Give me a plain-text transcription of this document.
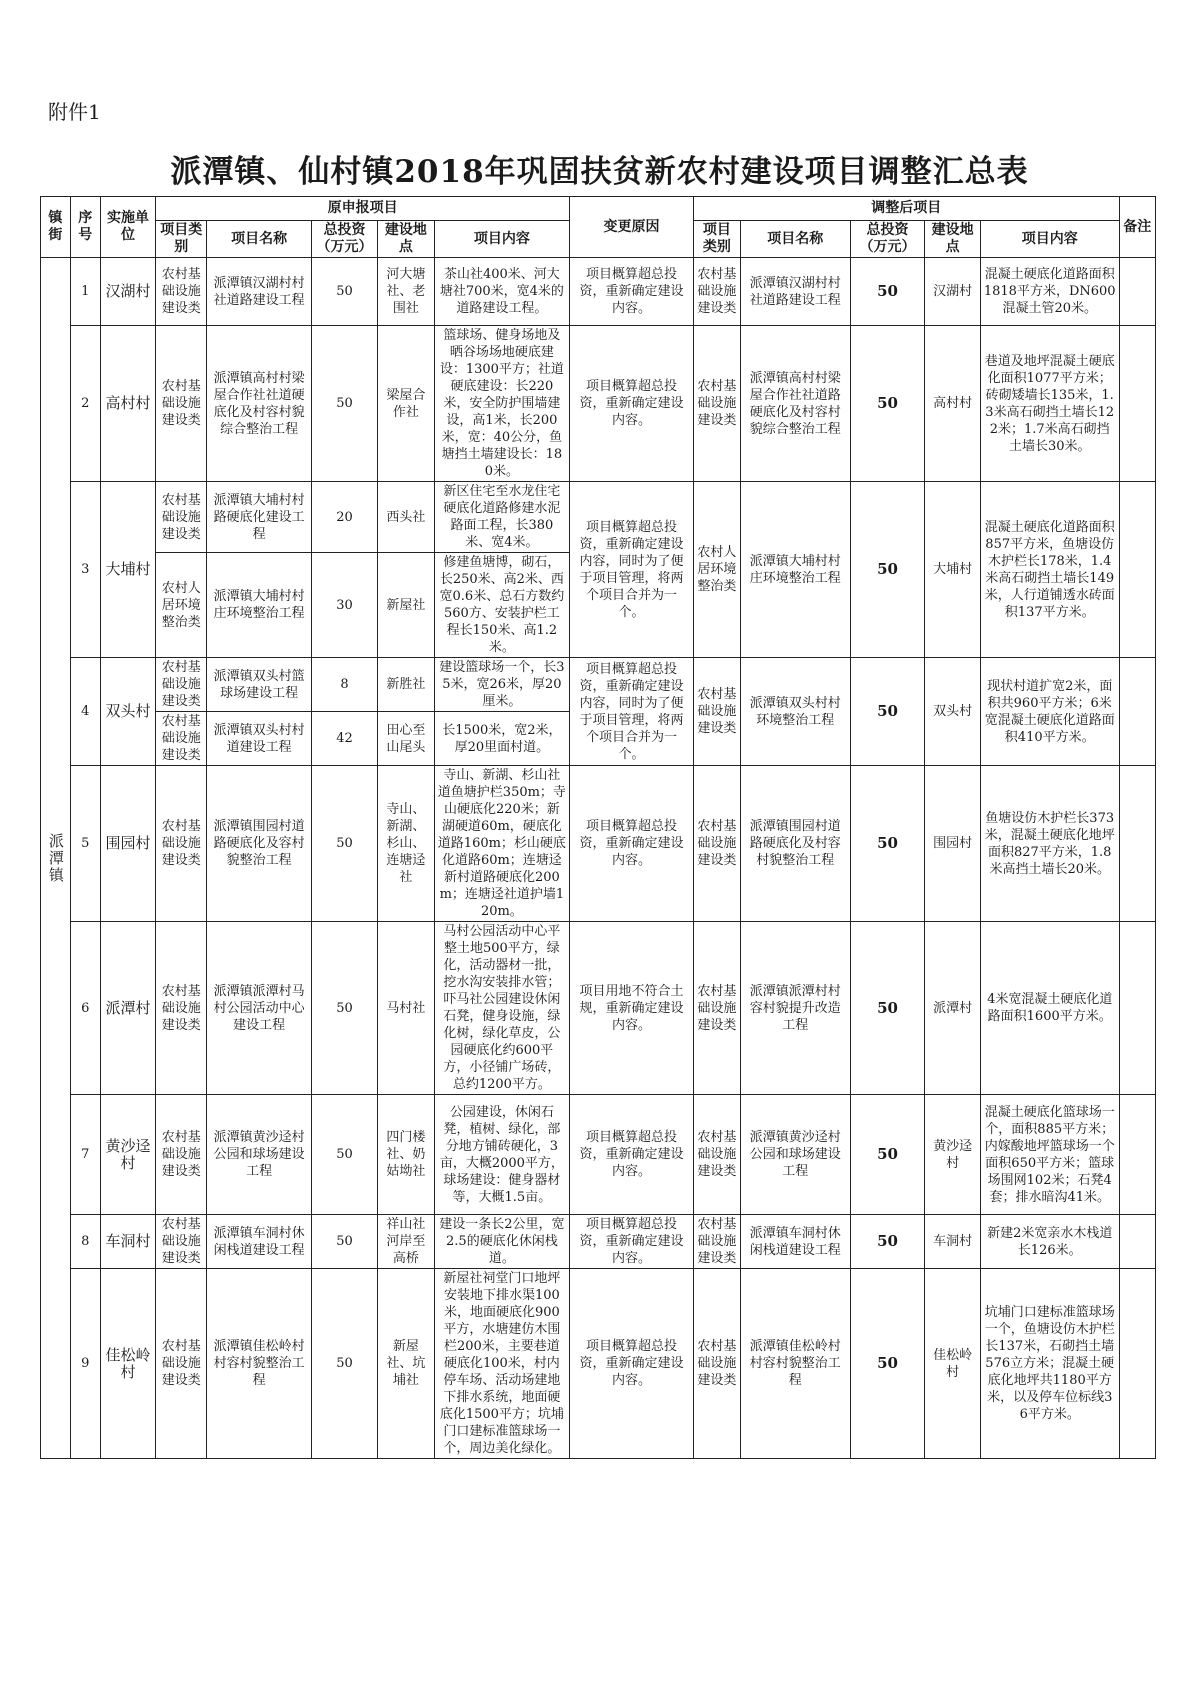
附件1
派潭镇、仙村镇2018年巩固扶贫新农村建设项目调整汇总表
镇街	序号	实施单位	原申报项目					变更原因	调整后项目					备注
			项目类别	项目名称	总投资（万元）	建设地点	项目内容		项目类别	项目名称	总投资（万元）	建设地点	项目内容	

派潭镇	1	汉湖村	农村基础设施建设类	派潭镇汉湖村村社道路建设工程	50	河大塘社、老围社	茶山社400米、河大塘社700米，宽4米的道路建设工程。	项目概算超总投资，重新确定建设内容。	农村基础设施建设类	派潭镇汉湖村村社道路建设工程	50	汉湖村	混凝土硬底化道路面积1818平方米，DN600混凝土管20米。	
	2	高村村	农村基础设施建设类	派潭镇高村村梁屋合作社社道硬底化及村容村貌综合整治工程	50	梁屋合作社	篮球场、健身场地及晒谷场场地硬底建设：1300平方；社道硬底建设：长220米，安全防护围墙建设，高1米，长200米，宽：40公分，鱼塘挡土墙建设长：180米。	项目概算超总投资，重新确定建设内容。	农村基础设施建设类	派潭镇高村村梁屋合作社社道路硬底化及村容村貌综合整治工程	50	高村村	巷道及地坪混凝土硬底化面积1077平方米；砖砌矮墙长135米，1.3米高石砌挡土墙长122米；1.7米高石砌挡土墙长30米。	
	3	大埔村	农村基础设施建设类	派潭镇大埔村村路硬底化建设工程	20	西头社	新区住宅至水龙住宅硬底化道路修建水泥路面工程，长380米、宽4米。	项目概算超总投资，重新确定建设内容，同时为了便于项目管理，将两个项目合并为一个。	农村人居环境整治类	派潭镇大埔村村庄环境整治工程	50	大埔村	混凝土硬底化道路面积857平方米，鱼塘设仿木护栏长178米，1.4米高石砌挡土墙长149米，人行道铺透水砖面积137平方米。	
			农村人居环境整治类	派潭镇大埔村村庄环境整治工程	30	新屋社	修建鱼塘博，砌石，长250米、高2米、西宽0.6米、总石方数约560方、安装护栏工程长150米、高1.2米。							
	4	双头村	农村基础设施建设类	派潭镇双头村篮球场建设工程	8	新胜社	建设篮球场一个，长35米，宽26米，厚20厘米。	项目概算超总投资，重新确定建设内容，同时为了便于项目管理，将两个项目合并为一个。	农村基础设施建设类	派潭镇双头村村环境整治工程	50	双头村	现状村道扩宽2米，面积共960平方米；6米宽混凝土硬底化道路面积410平方米。	
			农村基础设施建设类	派潭镇双头村村道建设工程	42	田心至山尾头	长1500米，宽2米，厚20里面村道。							
	5	围园村	农村基础设施建设类	派潭镇围园村道路硬底化及容村貌整治工程	50	寺山、新湖、杉山、连塘迳社	寺山、新湖、杉山社道鱼塘护栏350m；寺山硬底化220米；新湖硬道60m，硬底化道路160m；杉山硬底化道路60m；连塘迳新村道路硬底化200m；连塘迳社道护墙120m。	项目概算超总投资，重新确定建设内容。	农村基础设施建设类	派潭镇围园村道路硬底化及村容村貌整治工程	50	围园村	鱼塘设仿木护栏长373米，混凝土硬底化地坪面积827平方米，1.8米高挡土墙长20米。	
	6	派潭村	农村基础设施建设类	派潭镇派潭村马村公园活动中心建设工程	50	马村社	马村公园活动中心平整土地500平方，绿化，活动器材一批，挖水沟安装排水管；吓马社公园建设休闲石凳，健身设施，绿化树，绿化草皮，公园硬底化约600平方，小径铺广场砖，总约1200平方。	项目用地不符合土规，重新确定建设内容。	农村基础设施建设类	派潭镇派潭村村容村貌提升改造工程	50	派潭村	4米宽混凝土硬底化道路面积1600平方米。	
	7	黄沙迳村	农村基础设施建设类	派潭镇黄沙迳村公园和球场建设工程	50	四门楼社、奶姑坳社	公园建设，休闲石凳，植树、绿化，部分地方铺砖硬化，3亩，大概2000平方，球场建设：健身器材等，大概1.5亩。	项目概算超总投资，重新确定建设内容。	农村基础设施建设类	派潭镇黄沙迳村公园和球场建设工程	50	黄沙迳村	混凝土硬底化篮球场一个，面积885平方米；内嫁酸地坪篮球场一个面积650平方米；篮球场围网102米；石凳4套；排水暗沟41米。	
	8	车洞村	农村基础设施建设类	派潭镇车洞村休闲栈道建设工程	50	祥山社河岸至高桥	建设一条长2公里，宽2.5的硬底化休闲栈道。	项目概算超总投资，重新确定建设内容。	农村基础设施建设类	派潭镇车洞村休闲栈道建设工程	50	车洞村	新建2米宽亲水木栈道长126米。	
	9	佳松岭村	农村基础设施建设类	派潭镇佳松岭村村容村貌整治工程	50	新屋社、坑埔社	新屋社祠堂门口地坪安装地下排水渠100米，地面硬底化900平方，水塘建仿木围栏200米，主要巷道硬底化100米，村内停车场、活动场建地下排水系统，地面硬底化1500平方；坑埔门口建标准篮球场一个，周边美化绿化。	项目概算超总投资，重新确定建设内容。	农村基础设施建设类	派潭镇佳松岭村村容村貌整治工程	50	佳松岭村	坑埔门口建标准篮球场一个，鱼塘设仿木护栏长137米，石砌挡土墙576立方米；混凝土硬底化地坪共1180平方米，以及停车位标线36平方米。	
